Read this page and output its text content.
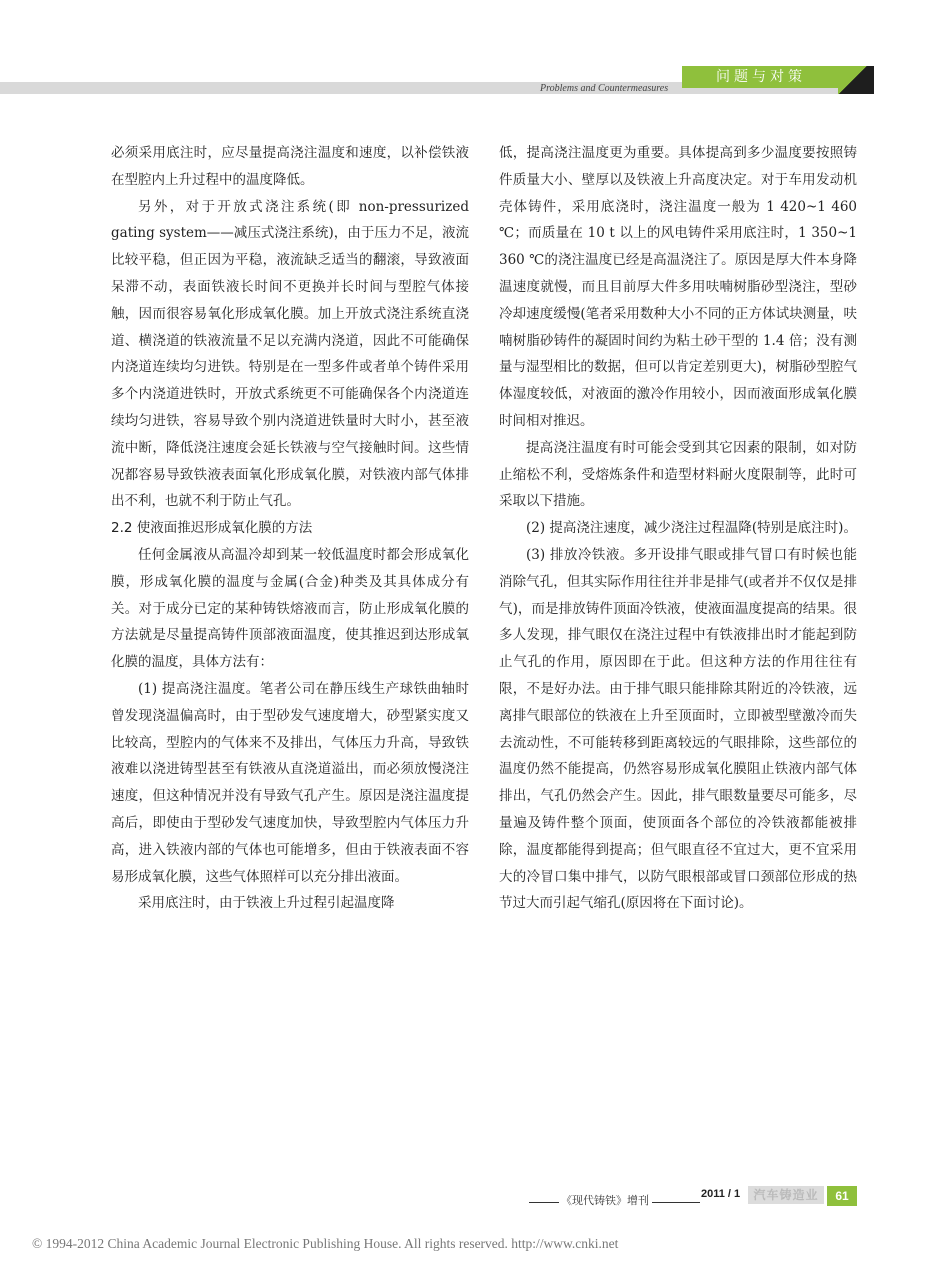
Problems and Countermeasures
问题与对策

必须采用底注时，应尽量提高浇注温度和速度，以补偿铁液在型腔内上升过程中的温度降低。

另外，对于开放式浇注系统(即 non-pressurized gating system——减压式浇注系统)，由于压力不足，液流比较平稳，但正因为平稳，液流缺乏适当的翻滚，导致液面呆滞不动，表面铁液长时间不更换并长时间与型腔气体接触，因而很容易氧化形成氧化膜。加上开放式浇注系统直浇道、横浇道的铁液流量不足以充满内浇道，因此不可能确保内浇道连续均匀进铁。特别是在一型多件或者单个铸件采用多个内浇道进铁时，开放式系统更不可能确保各个内浇道连续均匀进铁，容易导致个别内浇道进铁量时大时小，甚至液流中断，降低浇注速度会延长铁液与空气接触时间。这些情况都容易导致铁液表面氧化形成氧化膜，对铁液内部气体排出不利，也就不利于防止气孔。

2.2 使液面推迟形成氧化膜的方法

任何金属液从高温冷却到某一较低温度时都会形成氧化膜，形成氧化膜的温度与金属(合金)种类及其具体成分有关。对于成分已定的某种铸铁熔液而言，防止形成氧化膜的方法就是尽量提高铸件顶部液面温度，使其推迟到达形成氧化膜的温度，具体方法有：

(1) 提高浇注温度。笔者公司在静压线生产球铁曲轴时曾发现浇温偏高时，由于型砂发气速度增大，砂型紧实度又比较高，型腔内的气体来不及排出，气体压力升高，导致铁液难以浇进铸型甚至有铁液从直浇道溢出，而必须放慢浇注速度，但这种情况并没有导致气孔产生。原因是浇注温度提高后，即使由于型砂发气速度加快，导致型腔内气体压力升高，进入铁液内部的气体也可能增多，但由于铁液表面不容易形成氧化膜，这些气体照样可以充分排出液面。

采用底注时，由于铁液上升过程引起温度降

低，提高浇注温度更为重要。具体提高到多少温度要按照铸件质量大小、壁厚以及铁液上升高度决定。对于车用发动机壳体铸件，采用底浇时，浇注温度一般为 1 420~1 460 ℃；而质量在 10 t 以上的风电铸件采用底注时，1 350~1 360 ℃的浇注温度已经是高温浇注了。原因是厚大件本身降温速度就慢，而且目前厚大件多用呋喃树脂砂型浇注，型砂冷却速度缓慢(笔者采用数种大小不同的正方体试块测量，呋喃树脂砂铸件的凝固时间约为粘土砂干型的 1.4 倍；没有测量与湿型相比的数据，但可以肯定差别更大)，树脂砂型腔气体湿度较低，对液面的激冷作用较小，因而液面形成氧化膜时间相对推迟。

提高浇注温度有时可能会受到其它因素的限制，如对防止缩松不利，受熔炼条件和造型材料耐火度限制等，此时可采取以下措施。

(2) 提高浇注速度，减少浇注过程温降(特别是底注时)。

(3) 排放冷铁液。多开设排气眼或排气冒口有时候也能消除气孔，但其实际作用往往并非是排气(或者并不仅仅是排气)，而是排放铸件顶面冷铁液，使液面温度提高的结果。很多人发现，排气眼仅在浇注过程中有铁液排出时才能起到防止气孔的作用，原因即在于此。但这种方法的作用往往有限，不是好办法。由于排气眼只能排除其附近的冷铁液，远离排气眼部位的铁液在上升至顶面时，立即被型壁激冷而失去流动性，不可能转移到距离较远的气眼排除，这些部位的温度仍然不能提高，仍然容易形成氧化膜阻止铁液内部气体排出，气孔仍然会产生。因此，排气眼数量要尽可能多，尽量遍及铸件整个顶面，使顶面各个部位的冷铁液都能被排除，温度都能得到提高；但气眼直径不宜过大，更不宜采用大的冷冒口集中排气，以防气眼根部或冒口颈部位形成的热节过大而引起气缩孔(原因将在下面讨论)。

《现代铸铁》增刊	2011 / 1	汽车铸造业	61
© 1994-2012 China Academic Journal Electronic Publishing House. All rights reserved. http://www.cnki.net
